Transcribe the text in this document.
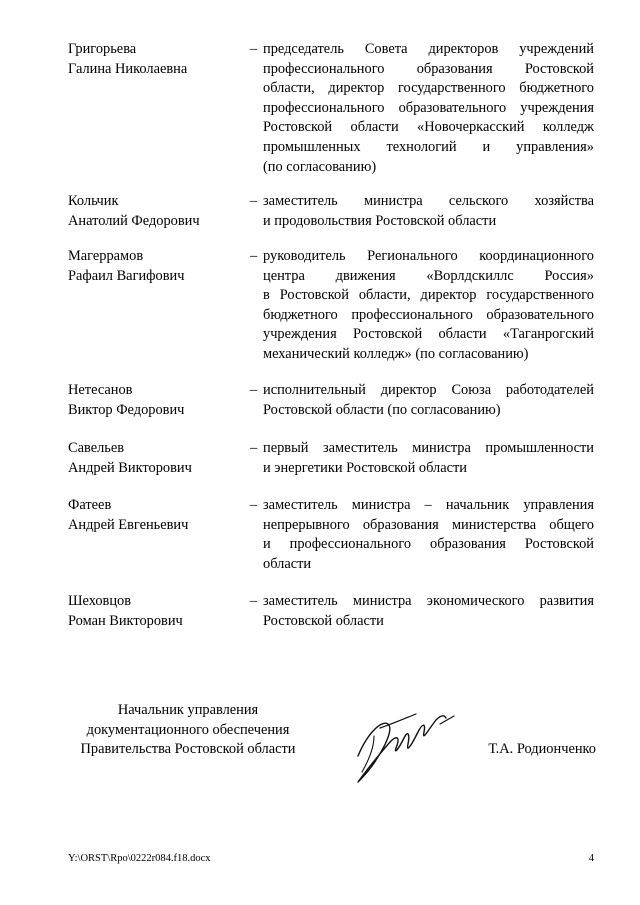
Григорьева
Галина Николаевна
– председатель Совета директоров учреждений
профессионального образования Ростовской
области, директор государственного бюджетного
профессионального образовательного учреждения
Ростовской области «Новочеркасский колледж
промышленных технологий и управления»
(по согласованию)
Кольчик
Анатолий Федорович
– заместитель министра сельского хозяйства
и продовольствия Ростовской области
Магеррамов
Рафаил Вагифович
– руководитель Регионального координационного
центра движения «Ворлдскиллс Россия»
в Ростовской области, директор государственного
бюджетного профессионального образовательного
учреждения Ростовской области «Таганрогский
механический колледж» (по согласованию)
Нетесанов
Виктор Федорович
– исполнительный директор Союза работодателей
Ростовской области (по согласованию)
Савельев
Андрей Викторович
– первый заместитель министра промышленности
и энергетики Ростовской области
Фатеев
Андрей Евгеньевич
– заместитель министра – начальник управления
непрерывного образования министерства общего
и профессионального образования Ростовской
области
Шеховцов
Роман Викторович
– заместитель министра экономического развития
Ростовской области
Начальник управления
документационного обеспечения
Правительства Ростовской области	Т.А. Родионченко
Y:\ORST\Rpo\0222r084.f18.docx	4
